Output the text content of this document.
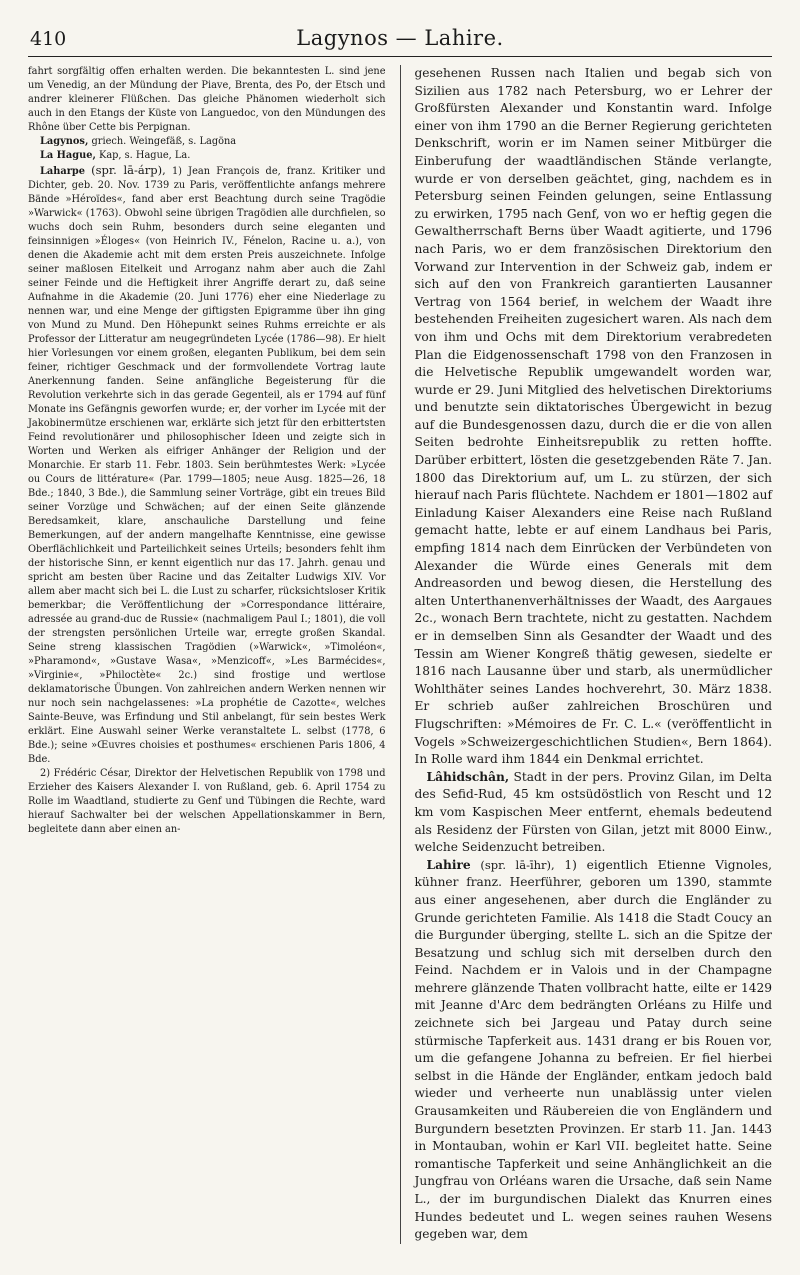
410	Lagynos — Lahire.

fahrt sorgfältig offen erhalten werden. Die bekanntesten L. sind jene um Venedig, an der Mündung der Piave, Brenta, des Po, der Etsch und andrer kleinerer Flüßchen. Das gleiche Phänomen wiederholt sich auch in den Etangs der Küste von Languedoc, von den Mündungen des Rhône über Cette bis Perpignan.

Lagynos, griech. Weingefäß, s. Lagöna

La Hague, Kap, s. Hague, La.

Laharpe (spr. lā-árp), 1) Jean François de, franz. Kritiker und Dichter, geb. 20. Nov. 1739 zu Paris, veröffentlichte anfangs mehrere Bände »Héroïdes«, fand aber erst Beachtung durch seine Tragödie »Warwick« (1763). Obwohl seine übrigen Tragödien alle durchfielen, so wuchs doch sein Ruhm, besonders durch seine eleganten und feinsinnigen »Éloges« (von Heinrich IV., Fénelon, Racine u. a.), von denen die Akademie acht mit dem ersten Preis auszeichnete. Infolge seiner maßlosen Eitelkeit und Arroganz nahm aber auch die Zahl seiner Feinde und die Heftigkeit ihrer Angriffe derart zu, daß seine Aufnahme in die Akademie (20. Juni 1776) eher eine Niederlage zu nennen war, und eine Menge der giftigsten Epigramme über ihn ging von Mund zu Mund. Den Höhepunkt seines Ruhms erreichte er als Professor der Litteratur am neugegründeten Lycée (1786—98). Er hielt hier Vorlesungen vor einem großen, eleganten Publikum, bei dem sein feiner, richtiger Geschmack und der formvollendete Vortrag laute Anerkennung fanden. Seine anfängliche Begeisterung für die Revolution verkehrte sich in das gerade Gegenteil, als er 1794 auf fünf Monate ins Gefängnis geworfen wurde; er, der vorher im Lycée mit der Jakobinermütze erschienen war, erklärte sich jetzt für den erbittertsten Feind revolutionärer und philosophischer Ideen und zeigte sich in Worten und Werken als eifriger Anhänger der Religion und der Monarchie. Er starb 11. Febr. 1803. Sein berühmtestes Werk: »Lycée ou Cours de littérature« (Par. 1799—1805; neue Ausg. 1825—26, 18 Bde.; 1840, 3 Bde.), die Sammlung seiner Vorträge, gibt ein treues Bild seiner Vorzüge und Schwächen; auf der einen Seite glänzende Beredsamkeit, klare, anschauliche Darstellung und feine Bemerkungen, auf der andern mangelhafte Kenntnisse, eine gewisse Oberflächlichkeit und Parteilichkeit seines Urteils; besonders fehlt ihm der historische Sinn, er kennt eigentlich nur das 17. Jahrh. genau und spricht am besten über Racine und das Zeitalter Ludwigs XIV. Vor allem aber macht sich bei L. die Lust zu scharfer, rücksichtsloser Kritik bemerkbar; die Veröffentlichung der »Correspondance littéraire, adressée au grand-duc de Russie« (nachmaligem Paul I.; 1801), die voll der strengsten persönlichen Urteile war, erregte großen Skandal. Seine streng klassischen Tragödien (»Warwick«, »Timoléon«, »Pharamond«, »Gustave Wasa«, »Menzicoff«, »Les Barmécides«, »Virginie«, »Philoctète« 2c.) sind frostige und wertlose deklamatorische Übungen. Von zahlreichen andern Werken nennen wir nur noch sein nachgelassenes: »La prophétie de Cazotte«, welches Sainte-Beuve, was Erfindung und Stil anbelangt, für sein bestes Werk erklärt. Eine Auswahl seiner Werke veranstaltete L. selbst (1778, 6 Bde.); seine »Œuvres choisies et posthumes« erschienen Paris 1806, 4 Bde.

2) Frédéric César, Direktor der Helvetischen Republik von 1798 und Erzieher des Kaisers Alexander I. von Rußland, geb. 6. April 1754 zu Rolle im Waadtland, studierte zu Genf und Tübingen die Rechte, ward hierauf Sachwalter bei der welschen Appellationskammer in Bern, begleitete dann aber einen an-

gesehenen Russen nach Italien und begab sich von Sizilien aus 1782 nach Petersburg, wo er Lehrer der Großfürsten Alexander und Konstantin ward. Infolge einer von ihm 1790 an die Berner Regierung gerichteten Denkschrift, worin er im Namen seiner Mitbürger die Einberufung der waadtländischen Stände verlangte, wurde er von derselben geächtet, ging, nachdem es in Petersburg seinen Feinden gelungen, seine Entlassung zu erwirken, 1795 nach Genf, von wo er heftig gegen die Gewaltherrschaft Berns über Waadt agitierte, und 1796 nach Paris, wo er dem französischen Direktorium den Vorwand zur Intervention in der Schweiz gab, indem er sich auf den von Frankreich garantierten Lausanner Vertrag von 1564 berief, in welchem der Waadt ihre bestehenden Freiheiten zugesichert waren. Als nach dem von ihm und Ochs mit dem Direktorium verabredeten Plan die Eidgenossenschaft 1798 von den Franzosen in die Helvetische Republik umgewandelt worden war, wurde er 29. Juni Mitglied des helvetischen Direktoriums und benutzte sein diktatorisches Übergewicht in bezug auf die Bundesgenossen dazu, durch die er die von allen Seiten bedrohte Einheitsrepublik zu retten hoffte. Darüber erbittert, lösten die gesetzgebenden Räte 7. Jan. 1800 das Direktorium auf, um L. zu stürzen, der sich hierauf nach Paris flüchtete. Nachdem er 1801—1802 auf Einladung Kaiser Alexanders eine Reise nach Rußland gemacht hatte, lebte er auf einem Landhaus bei Paris, empfing 1814 nach dem Einrücken der Verbündeten von Alexander die Würde eines Generals mit dem Andreasorden und bewog diesen, die Herstellung des alten Unterthanenverhältnisses der Waadt, des Aargaues 2c., wonach Bern trachtete, nicht zu gestatten. Nachdem er in demselben Sinn als Gesandter der Waadt und des Tessin am Wiener Kongreß thätig gewesen, siedelte er 1816 nach Lausanne über und starb, als unermüdlicher Wohlthäter seines Landes hochverehrt, 30. März 1838. Er schrieb außer zahlreichen Broschüren und Flugschriften: »Mémoires de Fr. C. L.« (veröffentlicht in Vogels »Schweizergeschichtlichen Studien«, Bern 1864). In Rolle ward ihm 1844 ein Denkmal errichtet.

Lâhidschân, Stadt in der pers. Provinz Gilan, im Delta des Sefid-Rud, 45 km ostsüdöstlich von Rescht und 12 km vom Kaspischen Meer entfernt, ehemals bedeutend als Residenz der Fürsten von Gilan, jetzt mit 8000 Einw., welche Seidenzucht betreiben.

Lahire (spr. lā-īhr), 1) eigentlich Etienne Vignoles, kühner franz. Heerführer, geboren um 1390, stammte aus einer angesehenen, aber durch die Engländer zu Grunde gerichteten Familie. Als 1418 die Stadt Coucy an die Burgunder überging, stellte L. sich an die Spitze der Besatzung und schlug sich mit derselben durch den Feind. Nachdem er in Valois und in der Champagne mehrere glänzende Thaten vollbracht hatte, eilte er 1429 mit Jeanne d'Arc dem bedrängten Orléans zu Hilfe und zeichnete sich bei Jargeau und Patay durch seine stürmische Tapferkeit aus. 1431 drang er bis Rouen vor, um die gefangene Johanna zu befreien. Er fiel hierbei selbst in die Hände der Engländer, entkam jedoch bald wieder und verheerte nun unablässig unter vielen Grausamkeiten und Räubereien die von Engländern und Burgundern besetzten Provinzen. Er starb 11. Jan. 1443 in Montauban, wohin er Karl VII. begleitet hatte. Seine romantische Tapferkeit und seine Anhänglichkeit an die Jungfrau von Orléans waren die Ursache, daß sein Name L., der im burgundischen Dialekt das Knurren eines Hundes bedeutet und L. wegen seines rauhen Wesens gegeben war, dem
